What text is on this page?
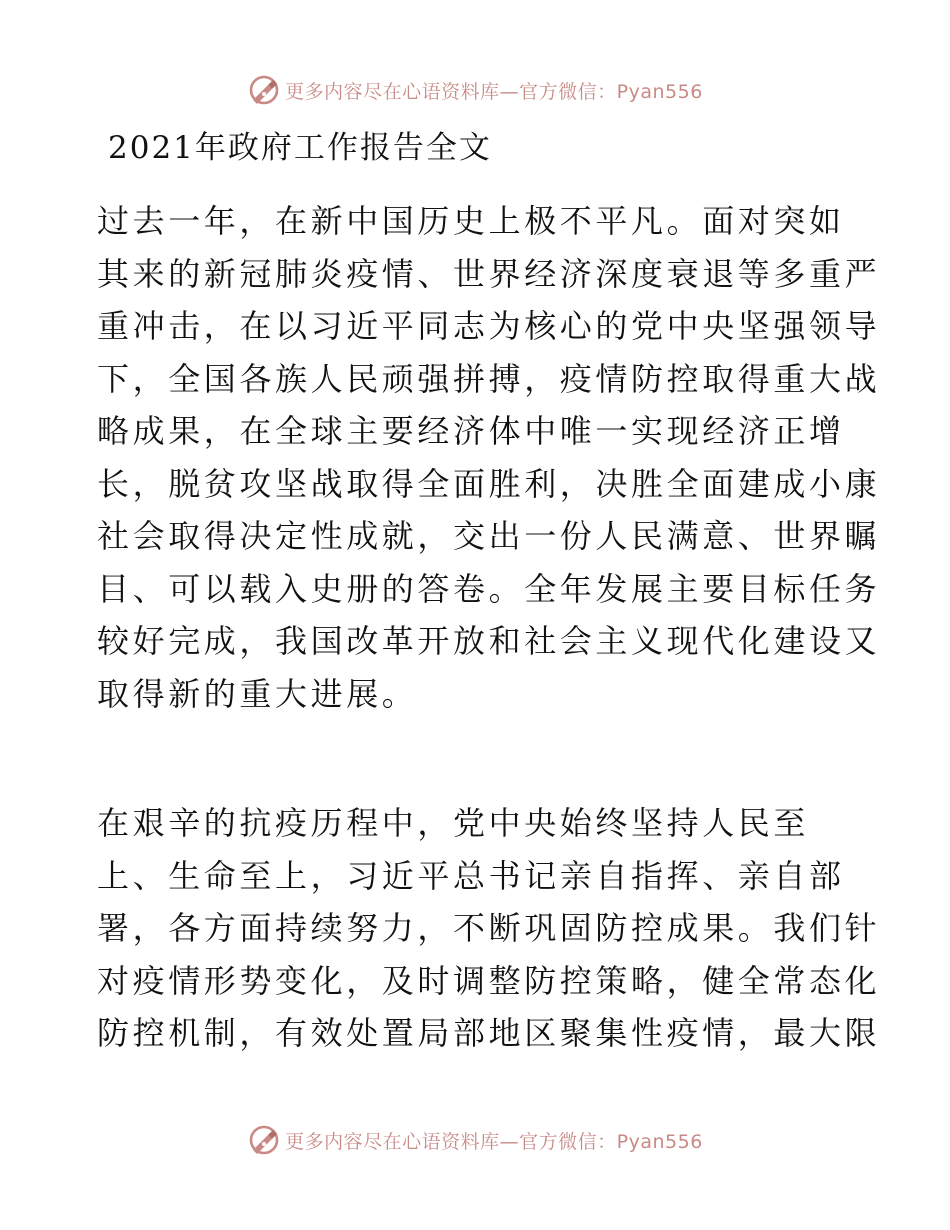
更多内容尽在心语资料库—官方微信：Pyan556
2021年政府工作报告全文

过去一年，在新中国历史上极不平凡。面对突如
其来的新冠肺炎疫情、世界经济深度衰退等多重严
重冲击，在以习近平同志为核心的党中央坚强领导
下，全国各族人民顽强拼搏，疫情防控取得重大战
略成果，在全球主要经济体中唯一实现经济正增
长，脱贫攻坚战取得全面胜利，决胜全面建成小康
社会取得决定性成就，交出一份人民满意、世界瞩
目、可以载入史册的答卷。全年发展主要目标任务
较好完成，我国改革开放和社会主义现代化建设又
取得新的重大进展。

在艰辛的抗疫历程中，党中央始终坚持人民至
上、生命至上，习近平总书记亲自指挥、亲自部
署，各方面持续努力，不断巩固防控成果。我们针
对疫情形势变化，及时调整防控策略，健全常态化
防控机制，有效处置局部地区聚集性疫情，最大限

更多内容尽在心语资料库—官方微信：Pyan556
